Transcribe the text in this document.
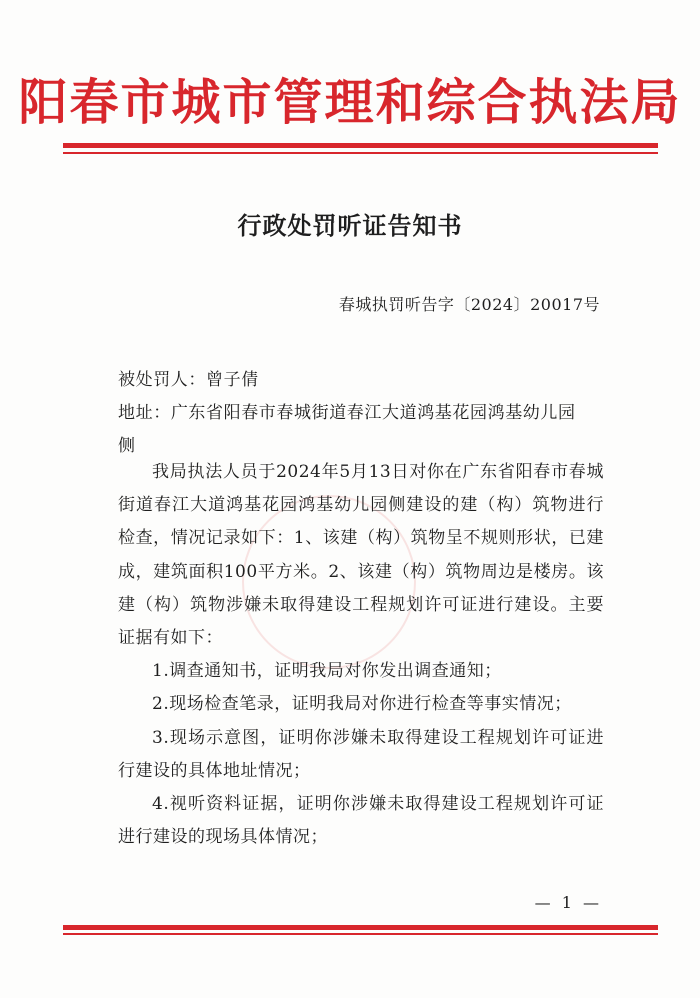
阳春市城市管理和综合执法局
行政处罚听证告知书
春城执罚听告字〔2024〕20017号
被处罚人：曾子倩
地址：广东省阳春市春城街道春江大道鸿基花园鸿基幼儿园
侧

我局执法人员于2024年5月13日对你在广东省阳春市春城街道春江大道鸿基花园鸿基幼儿园侧建设的建（构）筑物进行检查，情况记录如下：1、该建（构）筑物呈不规则形状，已建成，建筑面积100平方米。2、该建（构）筑物周边是楼房。该建（构）筑物涉嫌未取得建设工程规划许可证进行建设。主要证据有如下：

1.调查通知书，证明我局对你发出调查通知；

2.现场检查笔录，证明我局对你进行检查等事实情况；

3.现场示意图，证明你涉嫌未取得建设工程规划许可证进行建设的具体地址情况；

4.视听资料证据，证明你涉嫌未取得建设工程规划许可证进行建设的现场具体情况；

— 1 —
